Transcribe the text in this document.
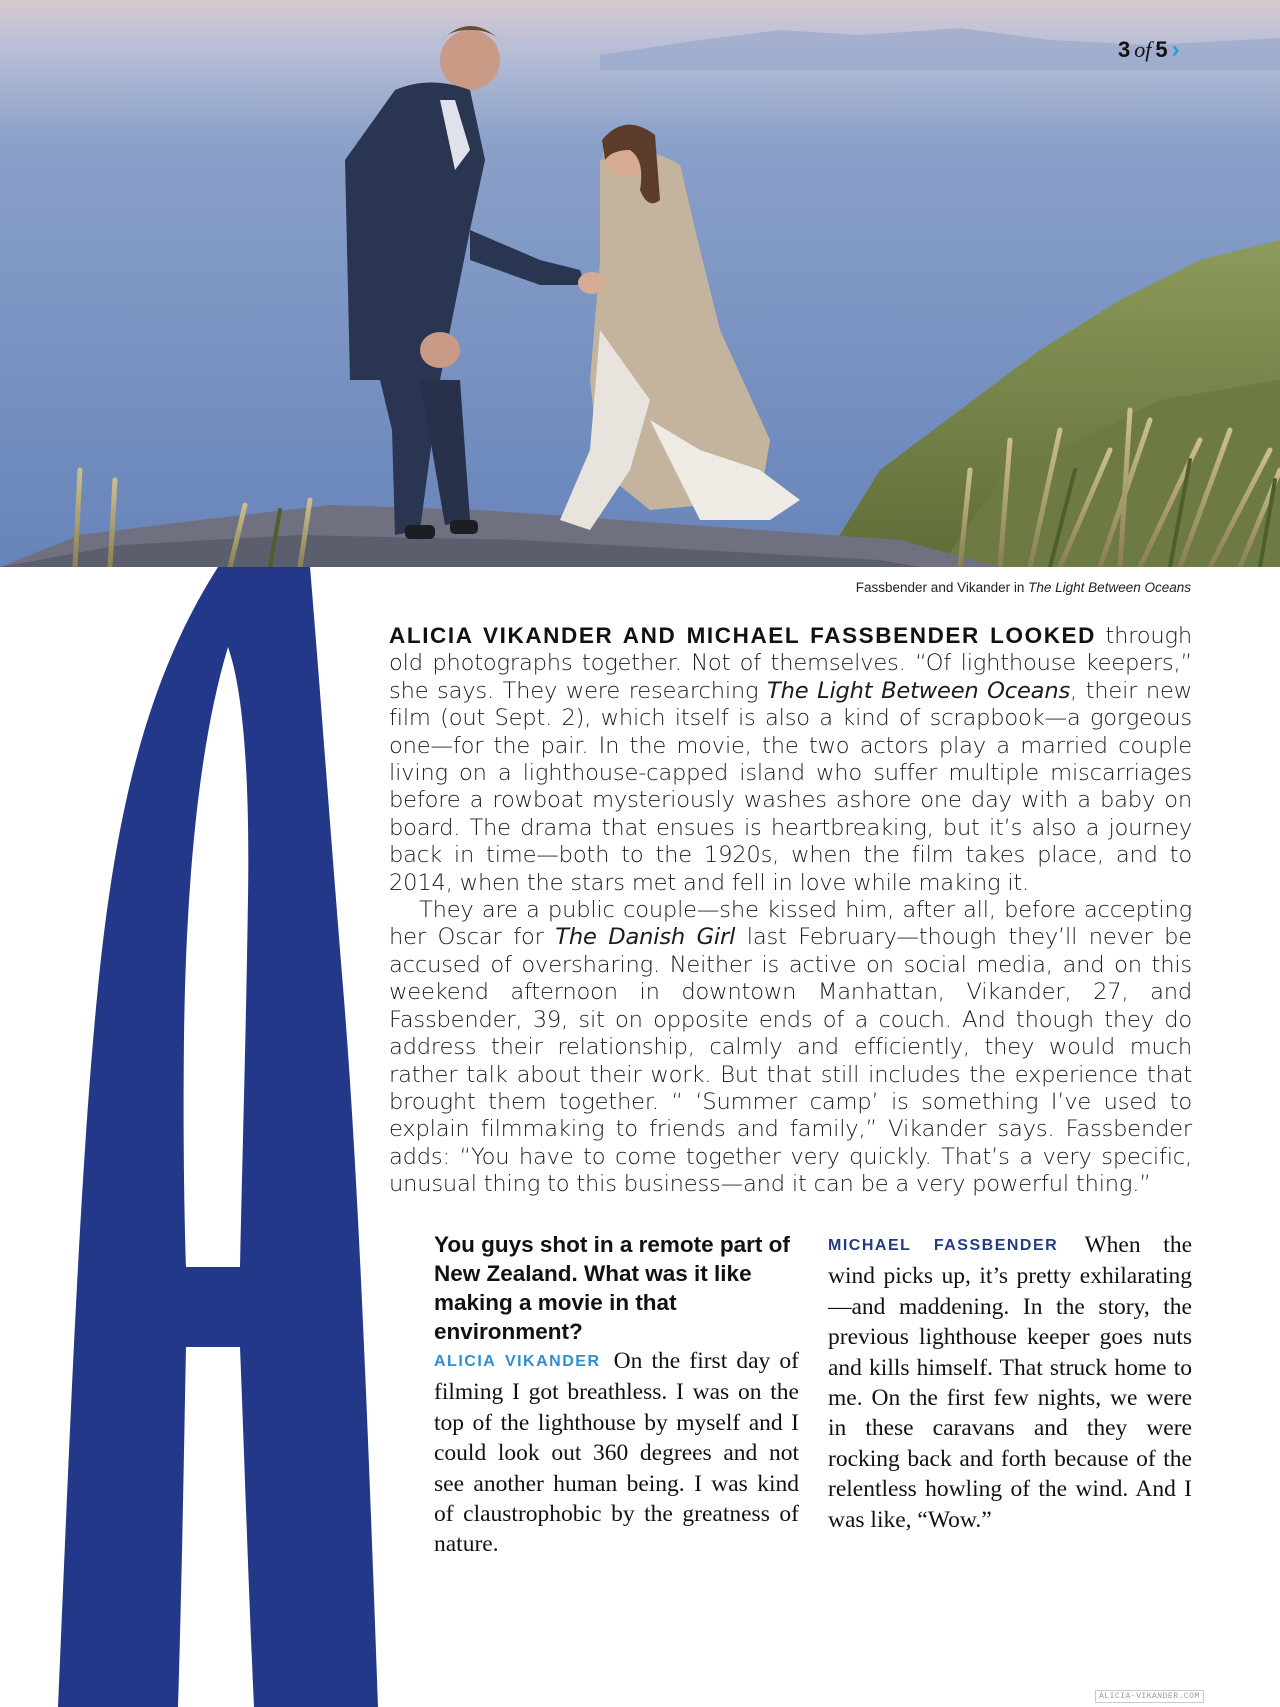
3 of 5 ›
Fassbender and Vikander in The Light Between Oceans

ALICIA VIKANDER AND MICHAEL FASSBENDER LOOKED through old photographs together. Not of themselves. “Of lighthouse keepers,” she says. They were researching The Light Between Oceans, their new film (out Sept. 2), which itself is also a kind of scrapbook—a gorgeous one—for the pair. In the movie, the two actors play a married couple living on a lighthouse-capped island who suffer multiple miscarriages before a rowboat mysteriously washes ashore one day with a baby on board. The drama that ensues is heartbreaking, but it’s also a journey back in time—both to the 1920s, when the film takes place, and to 2014, when the stars met and fell in love while making it.

They are a public couple—she kissed him, after all, before accepting her Oscar for The Danish Girl last February—though they’ll never be accused of oversharing. Neither is active on social media, and on this weekend afternoon in downtown Manhattan, Vikander, 27, and Fassbender, 39, sit on opposite ends of a couch. And though they do address their relationship, calmly and efficiently, they would much rather talk about their work. But that still includes the experience that brought them together. “ ‘Summer camp’ is something I’ve used to explain filmmaking to friends and family,” Vikander says. Fassbender adds: “You have to come together very quickly. That’s a very specific, unusual thing to this business—and it can be a very powerful thing.”

You guys shot in a remote part of New Zealand. What was it like making a movie in that environment?

ALICIA VIKANDER On the first day of filming I got breathless. I was on the top of the lighthouse by myself and I could look out 360 degrees and not see another human being. I was kind of claustrophobic by the greatness of nature.

MICHAEL FASSBENDER When the wind picks up, it’s pretty exhilarating—and maddening. In the story, the previous lighthouse keeper goes nuts and kills himself. That struck home to me. On the first few nights, we were in these caravans and they were rocking back and forth because of the relentless howling of the wind. And I was like, “Wow.”

ALICIA-VIKANDER.COM
